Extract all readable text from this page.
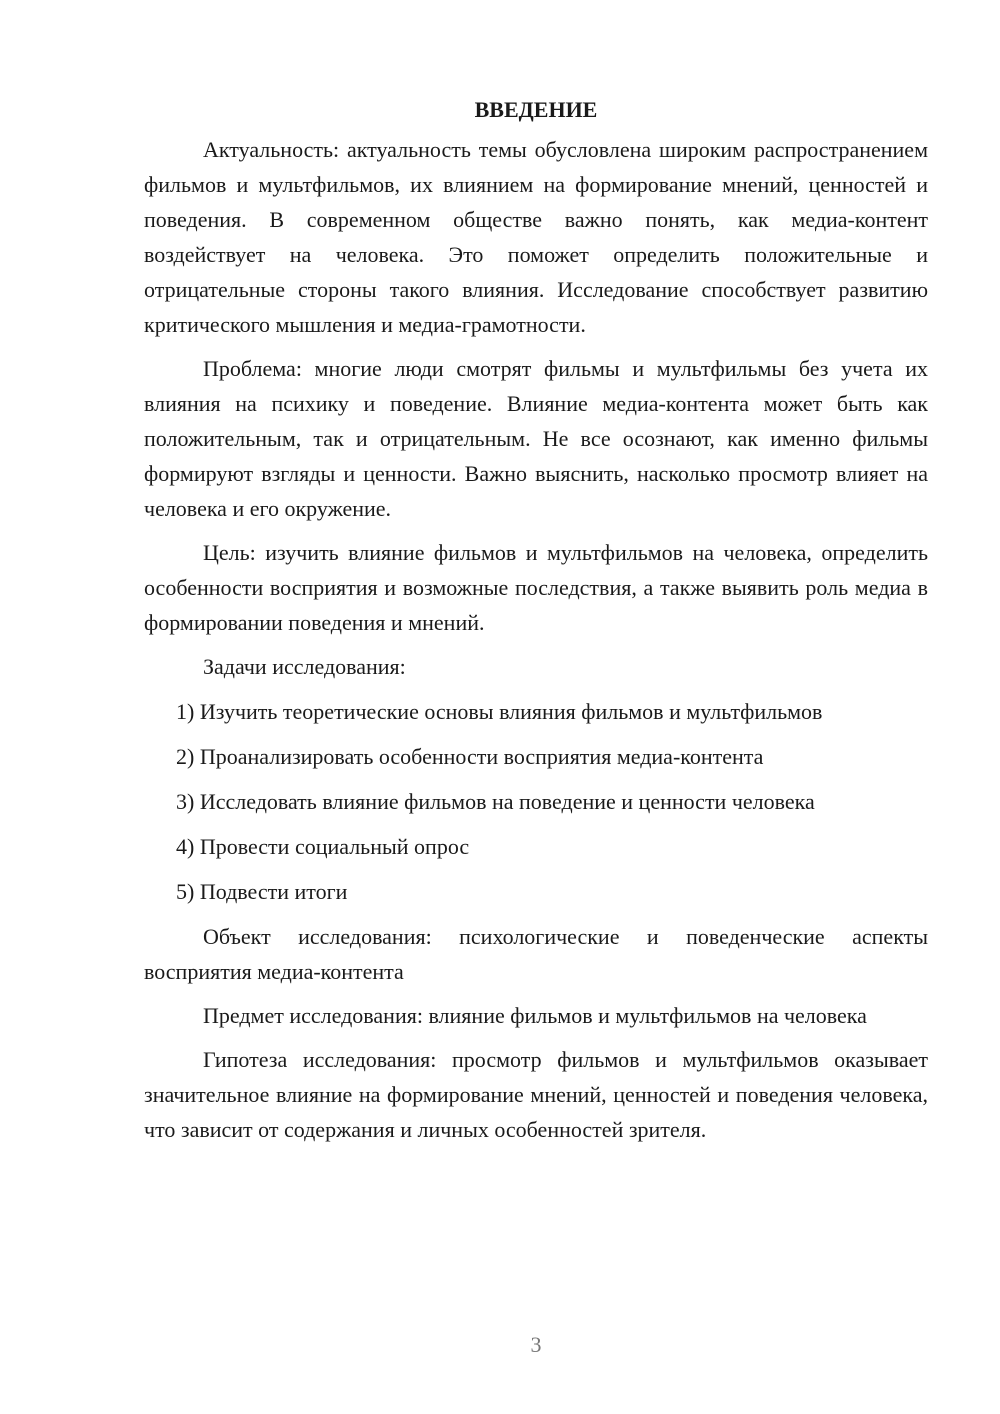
ВВЕДЕНИЕ

Актуальность: актуальность темы обусловлена широким распространением фильмов и мультфильмов, их влиянием на формирование мнений, ценностей и поведения. В современном обществе важно понять, как медиа-контент воздействует на человека. Это поможет определить положительные и отрицательные стороны такого влияния. Исследование способствует развитию критического мышления и медиа-грамотности.

Проблема: многие люди смотрят фильмы и мультфильмы без учета их влияния на психику и поведение. Влияние медиа-контента может быть как положительным, так и отрицательным. Не все осознают, как именно фильмы формируют взгляды и ценности. Важно выяснить, насколько просмотр влияет на человека и его окружение.

Цель: изучить влияние фильмов и мультфильмов на человека, определить особенности восприятия и возможные последствия, а также выявить роль медиа в формировании поведения и мнений.

Задачи исследования:

1) Изучить теоретические основы влияния фильмов и мультфильмов
2) Проанализировать особенности восприятия медиа-контента
3) Исследовать влияние фильмов на поведение и ценности человека
4) Провести социальный опрос
5) Подвести итоги

Объект исследования: психологические и поведенческие аспекты восприятия медиа-контента

Предмет исследования: влияние фильмов и мультфильмов на человека

Гипотеза исследования: просмотр фильмов и мультфильмов оказывает значительное влияние на формирование мнений, ценностей и поведения человека, что зависит от содержания и личных особенностей зрителя.

3
